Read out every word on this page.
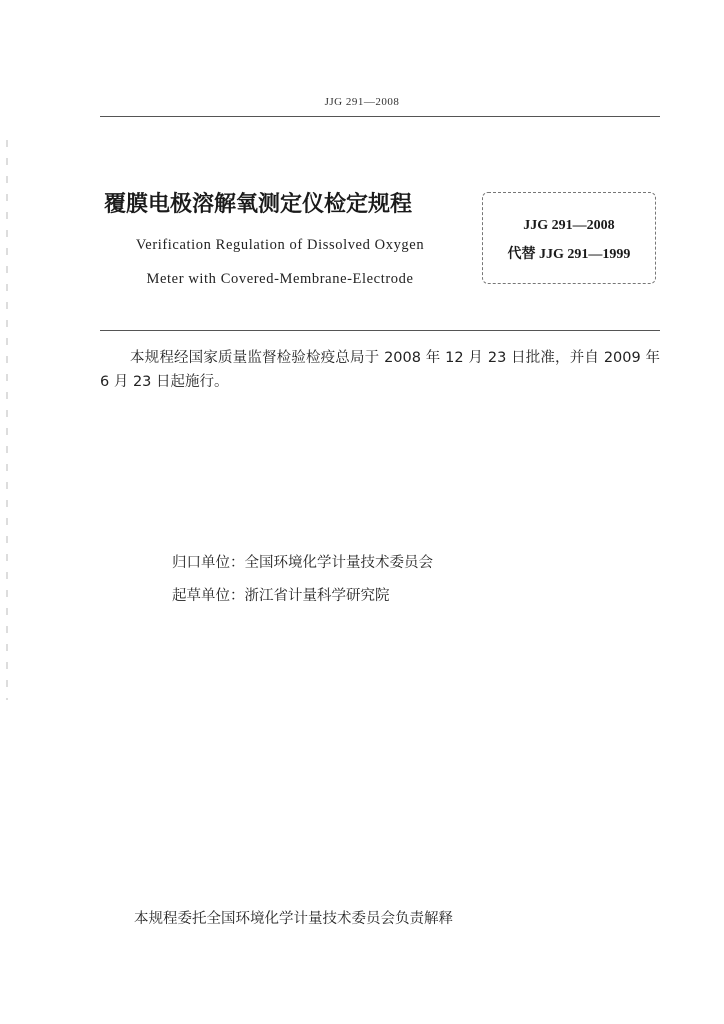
JJG 291—2008
覆膜电极溶解氧测定仪检定规程
Verification Regulation of Dissolved Oxygen
Meter with Covered-Membrane-Electrode
JJG 291—2008
代替 JJG 291—1999
本规程经国家质量监督检验检疫总局于 2008 年 12 月 23 日批准，并自 2009 年 6 月 23 日起施行。
归口单位：全国环境化学计量技术委员会
起草单位：浙江省计量科学研究院
本规程委托全国环境化学计量技术委员会负责解释
